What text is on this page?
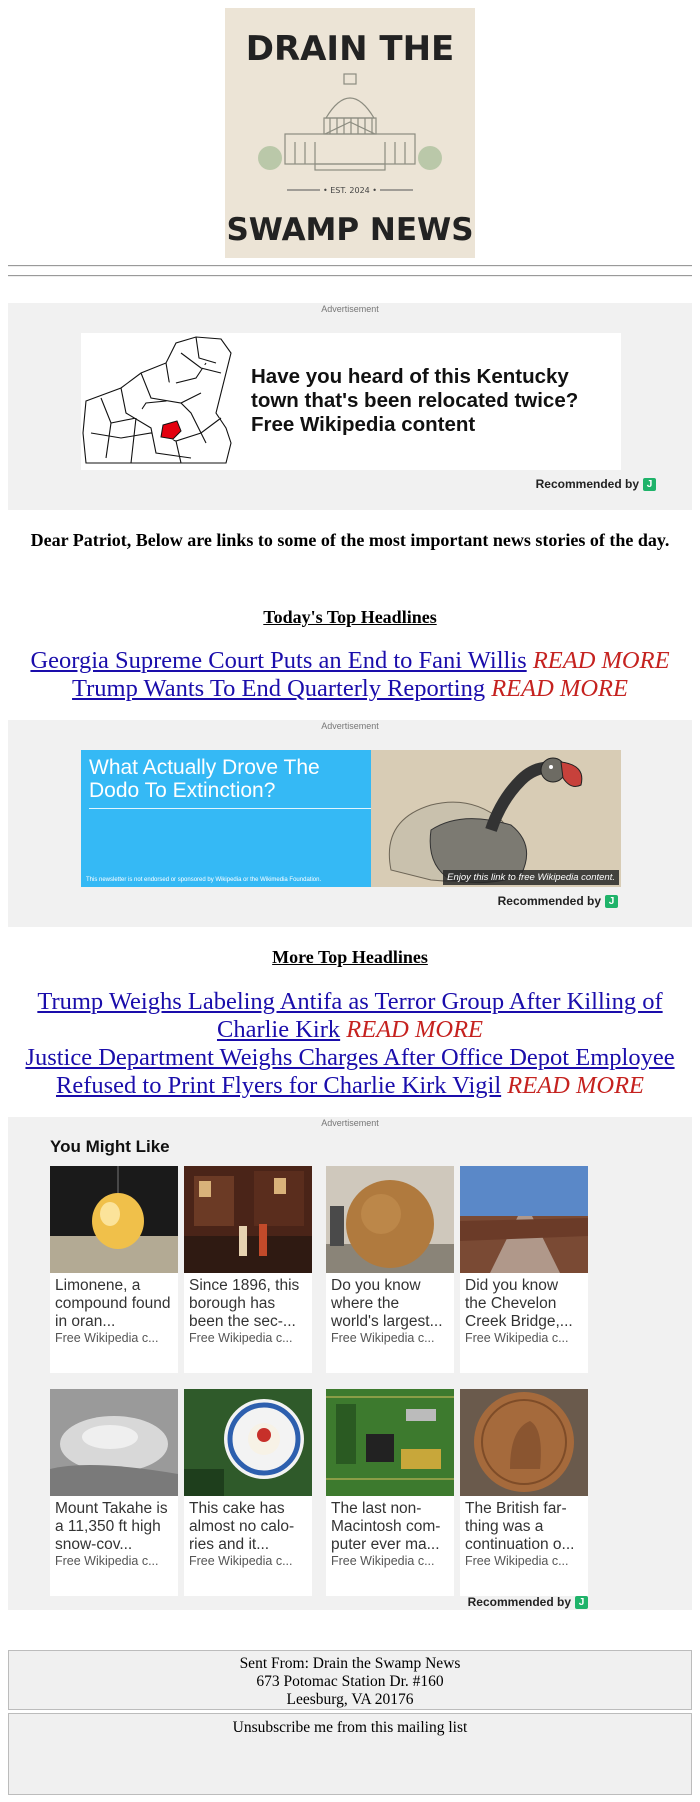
DRAIN THE
• EST. 2024 •
SWAMP NEWS
Advertisement
Have you heard of this Kentucky town that's been relocated twice? Free Wikipedia content
Recommended by J
Dear Patriot, Below are links to some of the most important news stories of the day.
Today's Top Headlines
Georgia Supreme Court Puts an End to Fani Willis READ MORE
Trump Wants To End Quarterly Reporting READ MORE
Advertisement
What Actually Drove The Dodo To Extinction?
This newsletter is not endorsed or sponsored by Wikipedia or the Wikimedia Foundation.	Enjoy this link to free Wikipedia content.
Recommended by J
More Top Headlines
Trump Weighs Labeling Antifa as Terror Group After Killing of Charlie Kirk READ MORE
Justice Department Weighs Charges After Office Depot Employee Refused to Print Flyers for Charlie Kirk Vigil READ MORE
Advertisement
You Might Like
Limonene, a compound found in oran...
Free Wikipedia c...
Since 1896, this borough has been the sec-...
Free Wikipedia c...
Do you know where the world's largest...
Free Wikipedia c...
Did you know the Chevelon Creek Bridge,...
Free Wikipedia c...
Mount Takahe is a 11,350 ft high snow-cov...
Free Wikipedia c...
This cake has almost no calo-ries and it...
Free Wikipedia c...
The last non-Macintosh com-puter ever ma...
Free Wikipedia c...
The British far-thing was a continuation o...
Free Wikipedia c...
Recommended by J
Sent From: Drain the Swamp News
673 Potomac Station Dr. #160
Leesburg, VA 20176
Unsubscribe me from this mailing list
